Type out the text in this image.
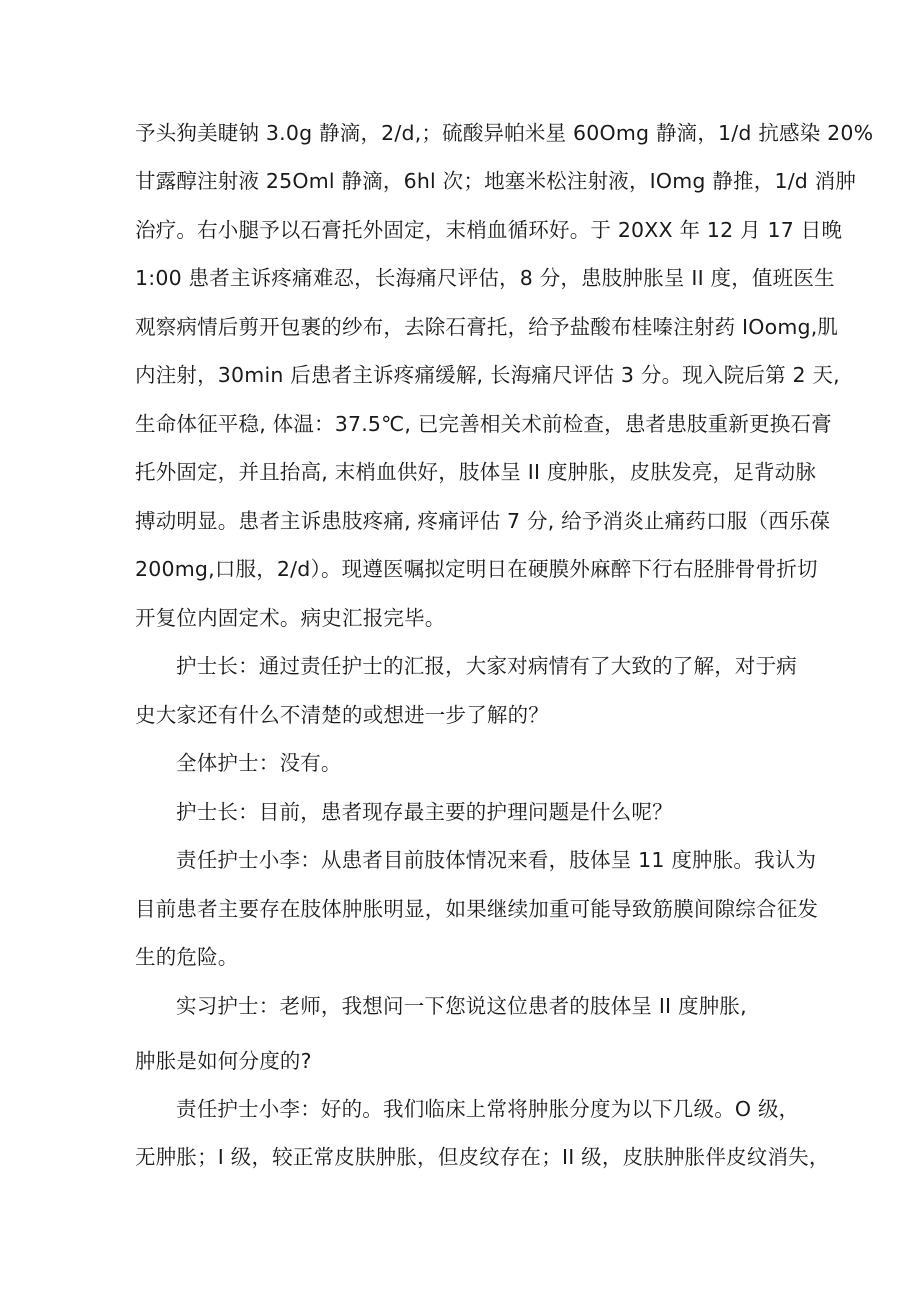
予头狗美睫钠 3.0g 静滴，2/d,；硫酸异帕米星 60Omg 静滴，1/d 抗感染 20%
甘露醇注射液 25Oml 静滴，6hl 次；地塞米松注射液，IOmg 静推，1/d 消肿
治疗。右小腿予以石膏托外固定，末梢血循环好。于 20XX 年 12 月 17 日晚
1:00 患者主诉疼痛难忍，长海痛尺评估，8 分，患肢肿胀呈 II 度，值班医生
观察病情后剪开包裹的纱布，去除石膏托，给予盐酸布桂嗪注射药 IOomg,肌
内注射，30min 后患者主诉疼痛缓解, 长海痛尺评估 3 分。现入院后第 2 天,
生命体征平稳, 体温：37.5℃, 已完善相关术前检查，患者患肢重新更换石膏
托外固定，并且抬高, 末梢血供好，肢体呈 II 度肿胀，皮肤发亮，足背动脉
搏动明显。患者主诉患肢疼痛, 疼痛评估 7 分, 给予消炎止痛药口服（西乐葆
200mg,口服，2/d）。现遵医嘱拟定明日在硬膜外麻醉下行右胫腓骨骨折切
开复位内固定术。病史汇报完毕。
护士长：通过责任护士的汇报，大家对病情有了大致的了解，对于病
史大家还有什么不清楚的或想进一步了解的？
全体护士：没有。
护士长：目前，患者现存最主要的护理问题是什么呢？
责任护士小李：从患者目前肢体情况来看，肢体呈 11 度肿胀。我认为
目前患者主要存在肢体肿胀明显，如果继续加重可能导致筋膜间隙综合征发
生的危险。
实习护士：老师，我想问一下您说这位患者的肢体呈 II 度肿胀,
肿胀是如何分度的?
责任护士小李：好的。我们临床上常将肿胀分度为以下几级。O 级，
无肿胀；I 级，较正常皮肤肿胀，但皮纹存在；II 级，皮肤肿胀伴皮纹消失，
